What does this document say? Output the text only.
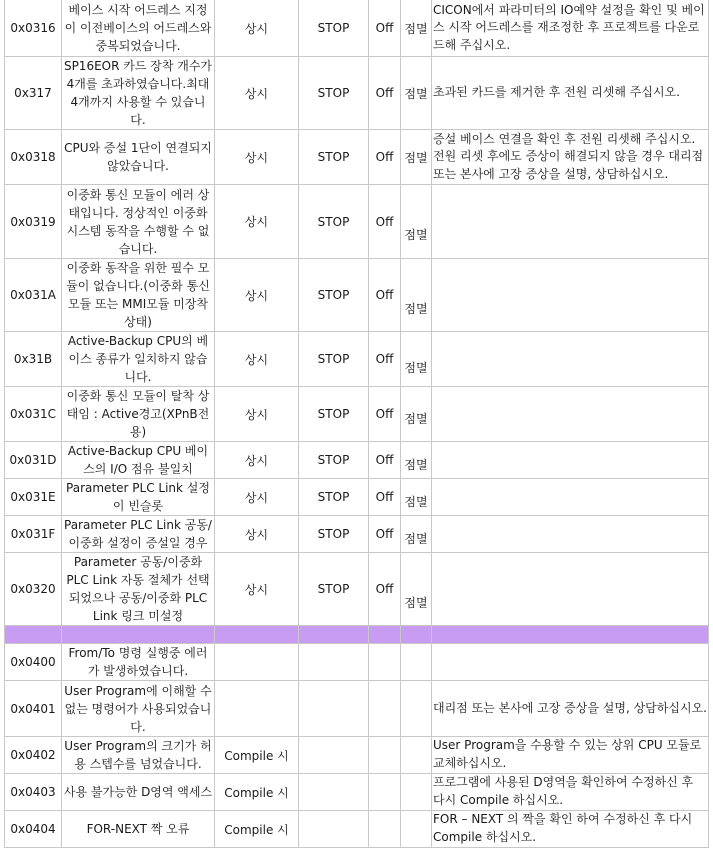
0x0316	베이스 시작 어드레스 지정이 이전베이스의 어드레스와 중복되었습니다.	상시	STOP	Off	점멸	CICON에서 파라미터의 IO예약 설정을 확인 및 베이스 시작 어드레스를 재조정한 후 프로젝트를 다운로드해 주십시오.
0x317	SP16EOR 카드 장착 개수가 4개를 초과하였습니다.최대 4개까지 사용할 수 있습니다.	상시	STOP	Off	점멸	초과된 카드를 제거한 후 전원 리셋해 주십시오.
0x0318	CPU와 증설 1단이 연결되지 않았습니다.	상시	STOP	Off	점멸	증설 베이스 연결을 확인 후 전원 리셋해 주십시오. 전원 리셋 후에도 증상이 해결되지 않을 경우 대리점 또는 본사에 고장 증상을 설명, 상담하십시오.
0x0319	이중화 통신 모듈이 에러 상태입니다. 정상적인 이중화 시스템 동작을 수행할 수 없습니다.	상시	STOP	Off	점멸	
0x031A	이중화 동작을 위한 필수 모듈이 없습니다.(이중화 통신 모듈 또는 MMI모듈 미장착 상태)	상시	STOP	Off	점멸	
0x31B	Active-Backup CPU의 베이스 종류가 일치하지 않습니다.	상시	STOP	Off	점멸	
0x031C	이중화 통신 모듈이 탈착 상태임 : Active경고(XPnB전용)	상시	STOP	Off	점멸	
0x031D	Active-Backup CPU 베이스의 I/O 점유 불일치	상시	STOP	Off	점멸	
0x031E	Parameter PLC Link 설정이 빈슬롯	상시	STOP	Off	점멸	
0x031F	Parameter PLC Link 공동/이중화 설정이 증설일 경우	상시	STOP	Off	점멸	
0x0320	Parameter 공동/이중화 PLC Link 자동 절체가 선택되었으나 공동/이중화 PLC Link 링크 미설정	상시	STOP	Off	점멸	

0x0400	From/To 명령 실행중 에러가 발생하였습니다.					
0x0401	User Program에 이해할 수 없는 명령어가 사용되었습니다.					대리점 또는 본사에 고장 증상을 설명, 상담하십시오.
0x0402	User Program의 크기가 허용 스텝수를 넘었습니다.	Compile 시				User Program을 수용할 수 있는 상위 CPU 모듈로 교체하십시오.
0x0403	사용 불가능한 D영역 액세스	Compile 시				프로그램에 사용된 D영역을 확인하여 수정하신 후 다시 Compile 하십시오.
0x0404	FOR-NEXT 짝 오류	Compile 시				FOR – NEXT 의 짝을 확인 하여 수정하신 후 다시 Compile 하십시오.
